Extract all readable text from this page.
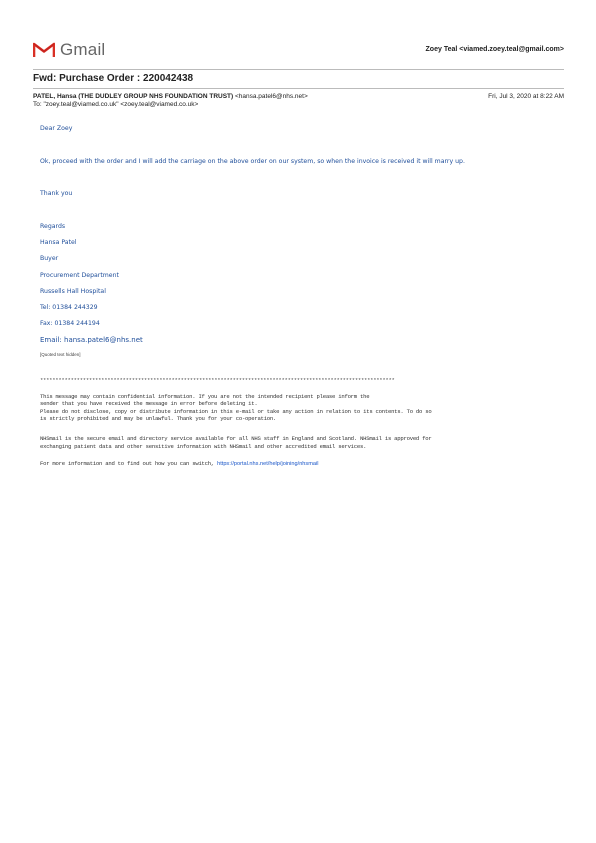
Gmail	Zoey Teal <viamed.zoey.teal@gmail.com>
Fwd: Purchase Order : 220042438
PATEL, Hansa (THE DUDLEY GROUP NHS FOUNDATION TRUST) <hansa.patel6@nhs.net>	Fri, Jul 3, 2020 at 8:22 AM
To: "zoey.teal@viamed.co.uk" <zoey.teal@viamed.co.uk>
Dear Zoey
Ok, proceed with the order and I will add the carriage on the above order on our system, so when the invoice is received it will marry up.
Thank you
Regards
Hansa Patel
Buyer
Procurement Department
Russells Hall Hospital
Tel: 01384 244329
Fax: 01384 244194
Email: hansa.patel6@nhs.net
[Quoted text hidden]
********************************************************************************************************************
This message may contain confidential information. If you are not the intended recipient please inform the
sender that you have received the message in error before deleting it.
Please do not disclose, copy or distribute information in this e-mail or take any action in relation to its contents. To do so
is strictly prohibited and may be unlawful. Thank you for your co-operation.
NHSmail is the secure email and directory service available for all NHS staff in England and Scotland. NHSmail is approved for
exchanging patient data and other sensitive information with NHSmail and other accredited email services.
For more information and to find out how you can switch, https://portal.nhs.net/help/joining/nhsmail
